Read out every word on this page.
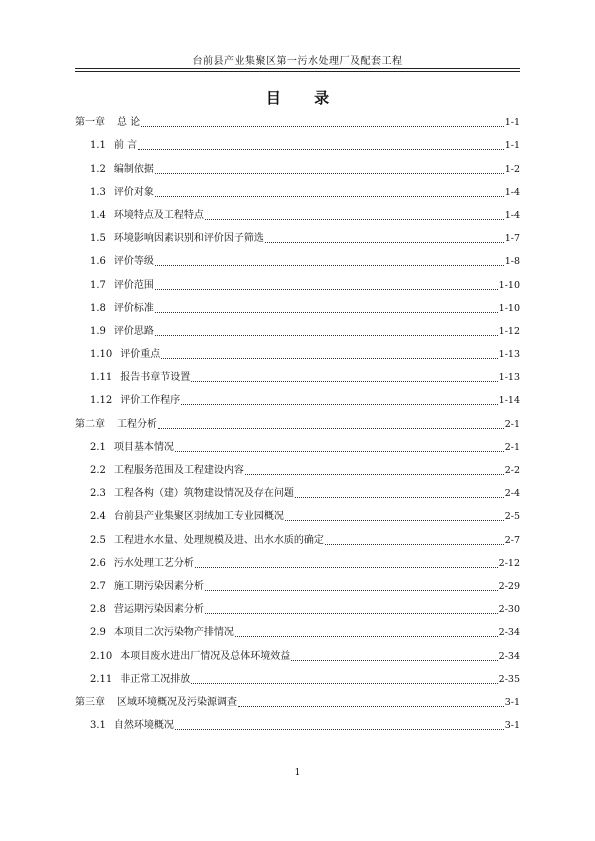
台前县产业集聚区第一污水处理厂及配套工程
目 录
第一章 总 论	1-1
1.1 前 言	1-1
1.2 编制依据	1-2
1.3 评价对象	1-4
1.4 环境特点及工程特点	1-4
1.5 环境影响因素识别和评价因子筛选	1-7
1.6 评价等级	1-8
1.7 评价范围	1-10
1.8 评价标准	1-10
1.9 评价思路	1-12
1.10 评价重点	1-13
1.11 报告书章节设置	1-13
1.12 评价工作程序	1-14
第二章 工程分析	2-1
2.1 项目基本情况	2-1
2.2 工程服务范围及工程建设内容	2-2
2.3 工程各构（建）筑物建设情况及存在问题	2-4
2.4 台前县产业集聚区羽绒加工专业园概况	2-5
2.5 工程进水水量、处理规模及进、出水水质的确定	2-7
2.6 污水处理工艺分析	2-12
2.7 施工期污染因素分析	2-29
2.8 营运期污染因素分析	2-30
2.9 本项目二次污染物产排情况	2-34
2.10 本项目废水进出厂情况及总体环境效益	2-34
2.11 非正常工况排放	2-35
第三章 区域环境概况及污染源调查	3-1
3.1 自然环境概况	3-1
1
